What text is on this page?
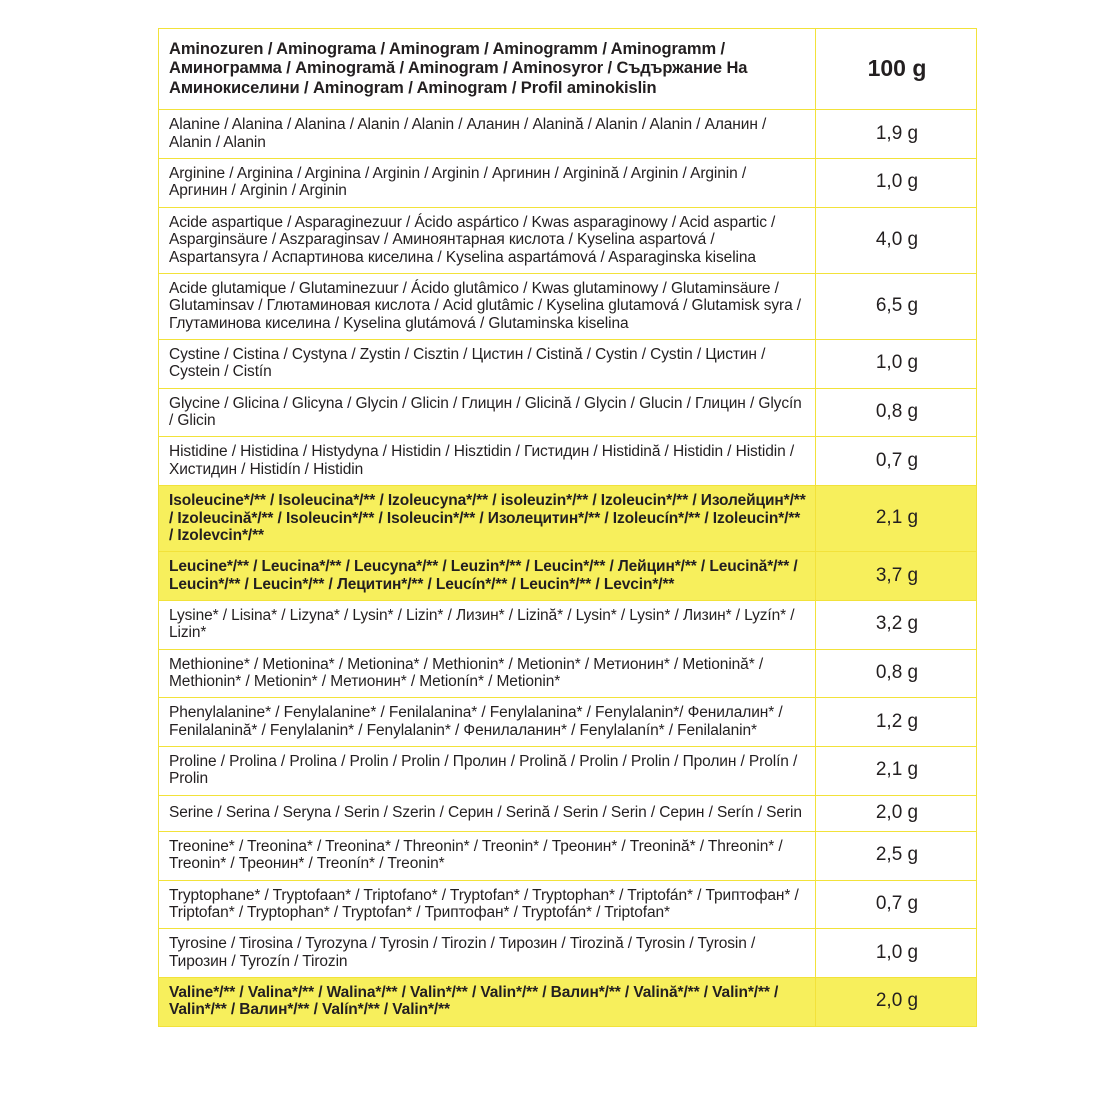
Aminozuren / Aminograma / Aminogram / Aminogramm / Aminogramm / Аминограмма / Aminogramă / Aminogram / Aminosyror / Съдържание На Аминокиселини / Aminogram / Aminogram / Profil aminokislin	100 g
Alanine / Alanina / Alanina / Alanin / Alanin / Аланин / Alanină / Alanin / Alanin / Аланин / Alanin / Alanin	1,9 g
Arginine / Arginina / Arginina / Arginin / Arginin / Аргинин / Arginină / Arginin / Arginin / Аргинин / Arginin / Arginin	1,0 g
Acide aspartique / Asparaginezuur / Ácido aspártico / Kwas asparaginowy / Acid aspartic / Asparginsäure / Aszparaginsav / Аминоянтарная кислота / Kyselina aspartová / Aspartansyra / Аспартинова киселина / Kyselina aspartámová / Asparaginska kiselina	4,0 g
Acide glutamique / Glutaminezuur / Ácido glutâmico / Kwas glutaminowy / Glutaminsäure / Glutaminsav / Глютаминовая кислота / Acid glutâmic / Kyselina glutamová / Glutamisk syra / Глутаминова киселина / Kyselina glutámová / Glutaminska kiselina	6,5 g
Cystine / Cistina / Cystyna / Zystin / Cisztin / Цистин / Cistină / Cystin / Cystin / Цистин / Cystein / Cistín	1,0 g
Glycine / Glicina / Glicyna / Glycin / Glicin / Глицин / Glicină / Glycin / Glucin / Глицин / Glycín / Glicin	0,8 g
Histidine / Histidina / Histydyna / Histidin / Hisztidin / Гистидин / Histidină / Histidin / Histidin / Хистидин / Histidín / Histidin	0,7 g
Isoleucine*/** / Isoleucina*/** / Izoleucyna*/** / isoleuzin*/** / Izoleucin*/** / Изолейцин*/** / Izoleucină*/** / Isoleucin*/** / Isoleucin*/** / Изолецитин*/** / Izoleucín*/** / Izoleucin*/** / Izolevcin*/**	2,1 g
Leucine*/** / Leucina*/** / Leucyna*/** / Leuzin*/** / Leucin*/** / Лейцин*/** / Leucină*/** / Leucin*/** / Leucin*/** / Лецитин*/** / Leucín*/** / Leucin*/** / Levcin*/**	3,7 g
Lysine* / Lisina* / Lizyna* / Lysin* / Lizin* / Лизин* / Lizină* / Lysin* / Lysin* / Лизин* / Lyzín* / Lizin*	3,2 g
Methionine* / Metionina* / Metionina* / Methionin* / Metionin* / Метионин* / Metionină* / Methionin* / Metionin* / Метионин* / Metionín* / Metionin*	0,8 g
Phenylalanine* / Fenylalanine* / Fenilalanina* / Fenylalanina* / Fenylalanin*/ Фенилалин* / Fenilalanină* / Fenylalanin* / Fenylalanin* / Фенилаланин* / Fenylalanín* / Fenilalanin*	1,2 g
Proline / Prolina / Prolina / Prolin / Prolin / Пролин / Prolină / Prolin / Prolin / Пролин / Prolín / Prolin	2,1 g
Serine / Serina / Seryna / Serin / Szerin / Серин / Serină / Serin / Serin / Серин / Serín / Serin	2,0 g
Treonine* / Treonina* / Treonina* / Threonin* / Treonin* / Треонин* / Treonină* / Threonin* / Treonin* / Треонин* / Treonín* / Treonin*	2,5 g
Tryptophane* / Tryptofaan* / Triptofano* / Tryptofan* / Tryptophan* / Triptofán* / Триптофан* / Triptofan* / Tryptophan* / Tryptofan* / Триптофан* / Tryptofán* / Triptofan*	0,7 g
Tyrosine / Tirosina / Tyrozyna / Tyrosin / Tirozin / Тирозин / Tirozină / Tyrosin / Tyrosin / Тирозин / Tyrozín / Tirozin	1,0 g
Valine*/** / Valina*/** / Walina*/** / Valin*/** / Valin*/** / Валин*/** / Valină*/** / Valin*/** / Valin*/** / Валин*/** / Valín*/** / Valin*/**	2,0 g
